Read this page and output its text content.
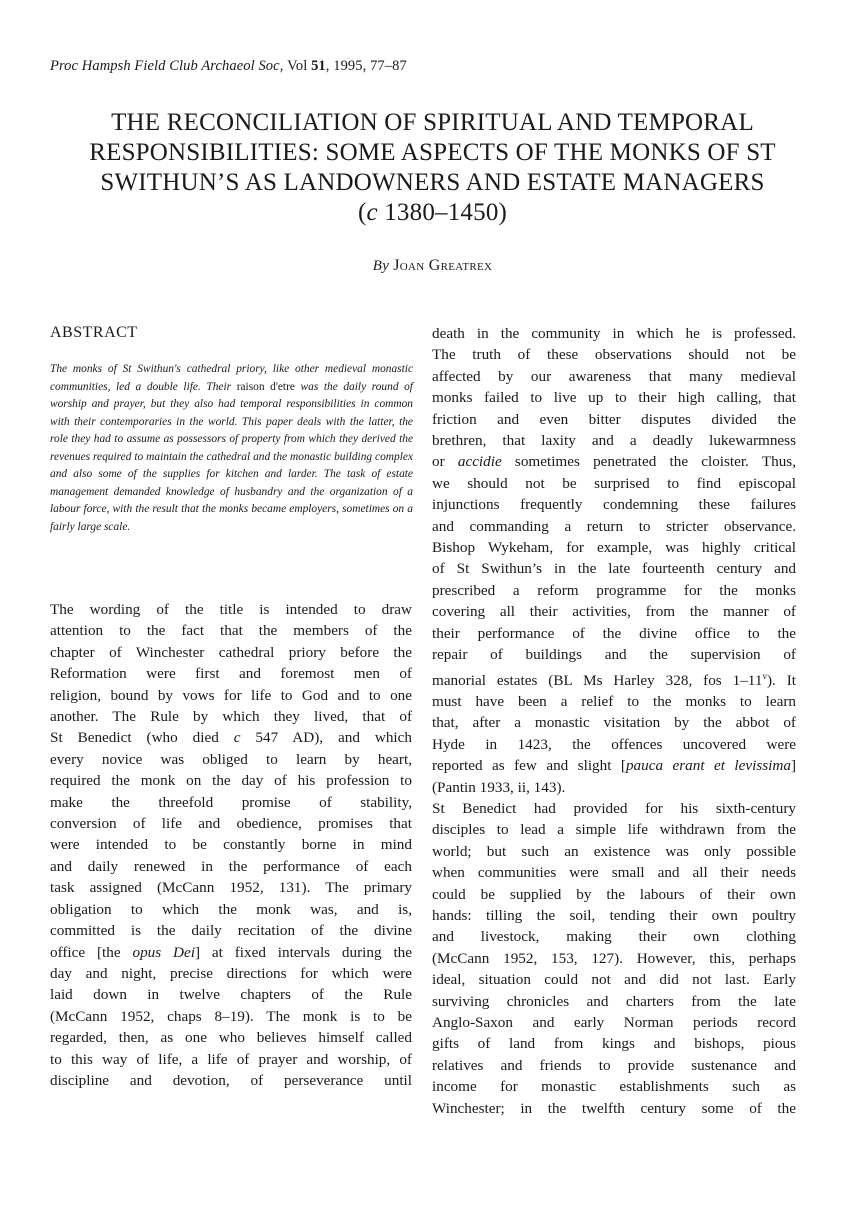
Proc Hampsh Field Club Archaeol Soc, Vol 51, 1995, 77–87
THE RECONCILIATION OF SPIRITUAL AND TEMPORAL
RESPONSIBILITIES: SOME ASPECTS OF THE MONKS OF ST
SWITHUN’S AS LANDOWNERS AND ESTATE MANAGERS
(c 1380–1450)
By Joan Greatrex
ABSTRACT

The monks of St Swithun's cathedral priory, like other medieval monastic communities, led a double life. Their raison d'etre was the daily round of worship and prayer, but they also had temporal responsibilities in common with their contemporaries in the world. This paper deals with the latter, the role they had to assume as possessors of property from which they derived the revenues required to maintain the cathedral and the monastic building complex and also some of the supplies for kitchen and larder. The task of estate management demanded knowledge of husbandry and the organization of a labour force, with the result that the monks became employers, sometimes on a fairly large scale.

The wording of the title is intended to draw
attention to the fact that the members of the
chapter of Winchester cathedral priory before the
Reformation were first and foremost men of
religion, bound by vows for life to God and to one
another. The Rule by which they lived, that of
St Benedict (who died c 547 AD), and which
every novice was obliged to learn by heart,
required the monk on the day of his profession to
make the threefold promise of stability,
conversion of life and obedience, promises that
were intended to be constantly borne in mind
and daily renewed in the performance of each
task assigned (McCann 1952, 131). The primary
obligation to which the monk was, and is,
committed is the daily recitation of the divine
office [the opus Dei] at fixed intervals during the
day and night, precise directions for which were
laid down in twelve chapters of the Rule
(McCann 1952, chaps 8–19). The monk is to be
regarded, then, as one who believes himself called
to this way of life, a life of prayer and worship, of
discipline and devotion, of perseverance until
death in the community in which he is professed.
The truth of these observations should not be
affected by our awareness that many medieval
monks failed to live up to their high calling, that
friction and even bitter disputes divided the
brethren, that laxity and a deadly lukewarmness
or accidie sometimes penetrated the cloister. Thus,
we should not be surprised to find episcopal
injunctions frequently condemning these failures
and commanding a return to stricter observance.
Bishop Wykeham, for example, was highly critical
of St Swithun’s in the late fourteenth century and
prescribed a reform programme for the monks
covering all their activities, from the manner of
their performance of the divine office to the
repair of buildings and the supervision of
manorial estates (BL Ms Harley 328, fos 1–11$^v$). It
must have been a relief to the monks to learn
that, after a monastic visitation by the abbot of
Hyde in 1423, the offences uncovered were
reported as few and slight [pauca erant et levissima]
(Pantin 1933, ii, 143).
St Benedict had provided for his sixth-century
disciples to lead a simple life withdrawn from the
world; but such an existence was only possible
when communities were small and all their needs
could be supplied by the labours of their own
hands: tilling the soil, tending their own poultry
and livestock, making their own clothing
(McCann 1952, 153, 127). However, this, perhaps
ideal, situation could not and did not last. Early
surviving chronicles and charters from the late
Anglo-Saxon and early Norman periods record
gifts of land from kings and bishops, pious
relatives and friends to provide sustenance and
income for monastic establishments such as
Winchester; in the twelfth century some of the
